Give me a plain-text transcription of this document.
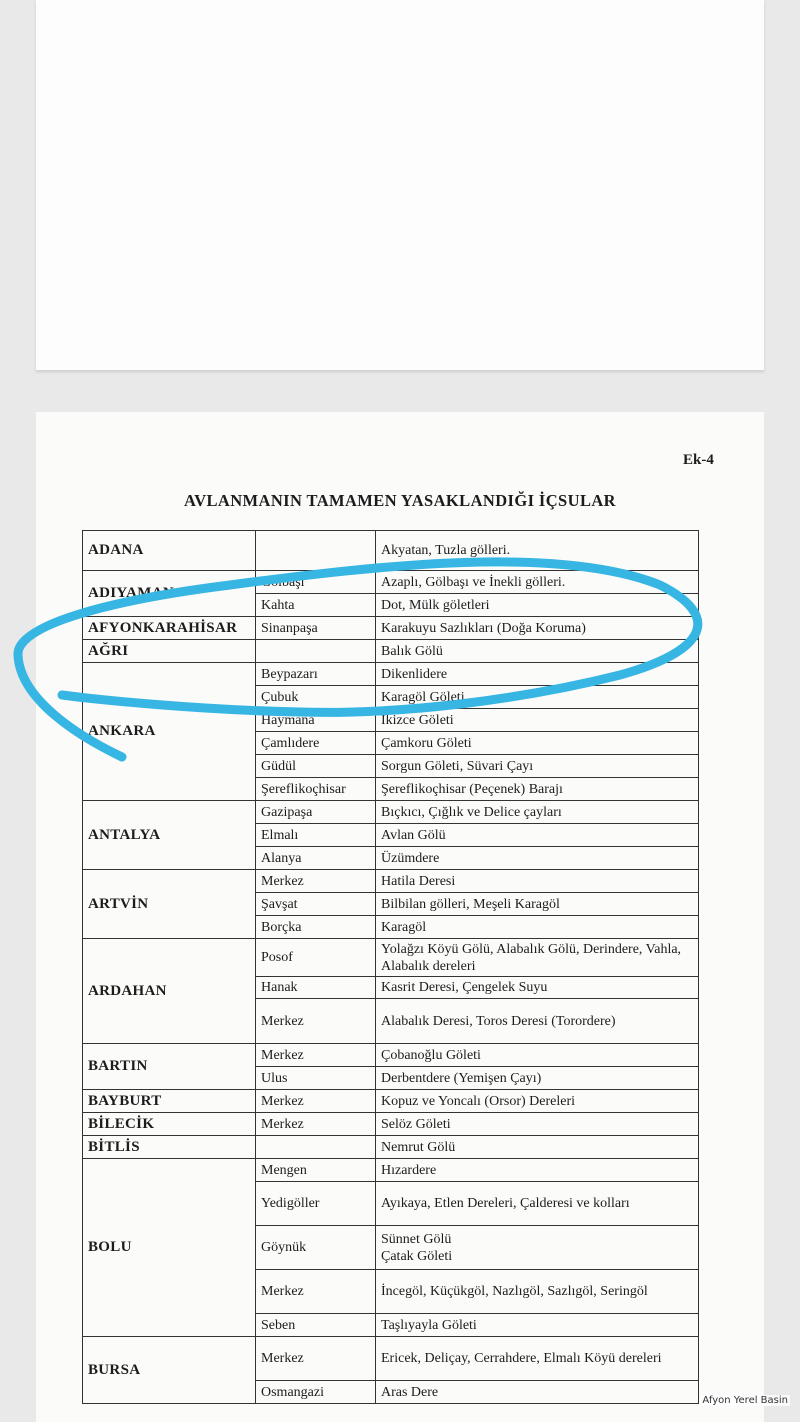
Ek-4
AVLANMANIN TAMAMEN YASAKLANDIĞI İÇSULAR
ADANA		Akyatan, Tuzla gölleri.
ADIYAMAN	Gölbaşı	Azaplı, Gölbaşı ve İnekli gölleri.
	Kahta	Dot, Mülk göletleri
AFYONKARAHİSAR	Sinanpaşa	Karakuyu Sazlıkları (Doğa Koruma)
AĞRI		Balık Gölü
ANKARA	Beypazarı	Dikenlidere
	Çubuk	Karagöl Göleti
	Haymana	İkizce Göleti
	Çamlıdere	Çamkoru Göleti
	Güdül	Sorgun Göleti, Süvari Çayı
	Şereflikoçhisar	Şereflikoçhisar (Peçenek) Barajı
ANTALYA	Gazipaşa	Bıçkıcı, Çığlık ve Delice çayları
	Elmalı	Avlan Gölü
	Alanya	Üzümdere
ARTVİN	Merkez	Hatila Deresi
	Şavşat	Bilbilan gölleri, Meşeli Karagöl
	Borçka	Karagöl
ARDAHAN	Posof	Yolağzı Köyü Gölü, Alabalık Gölü, Derindere, Vahla, Alabalık dereleri
	Hanak	Kasrit Deresi, Çengelek Suyu
	Merkez	Alabalık Deresi, Toros Deresi (Torordere)
BARTIN	Merkez	Çobanoğlu Göleti
	Ulus	Derbentdere (Yemişen Çayı)
BAYBURT	Merkez	Kopuz ve Yoncalı (Orsor) Dereleri
BİLECİK	Merkez	Selöz Göleti
BİTLİS		Nemrut Gölü
BOLU	Mengen	Hızardere
	Yedigöller	Ayıkaya, Etlen Dereleri, Çalderesi ve kolları
	Göynük	Sünnet Gölü
Çatak Göleti
	Merkez	İncegöl, Küçükgöl, Nazlıgöl, Sazlıgöl, Seringöl
	Seben	Taşlıyayla Göleti
BURSA	Merkez	Ericek, Deliçay, Cerrahdere, Elmalı Köyü dereleri
	Osmangazi	Aras Dere
Afyon Yerel Basin
